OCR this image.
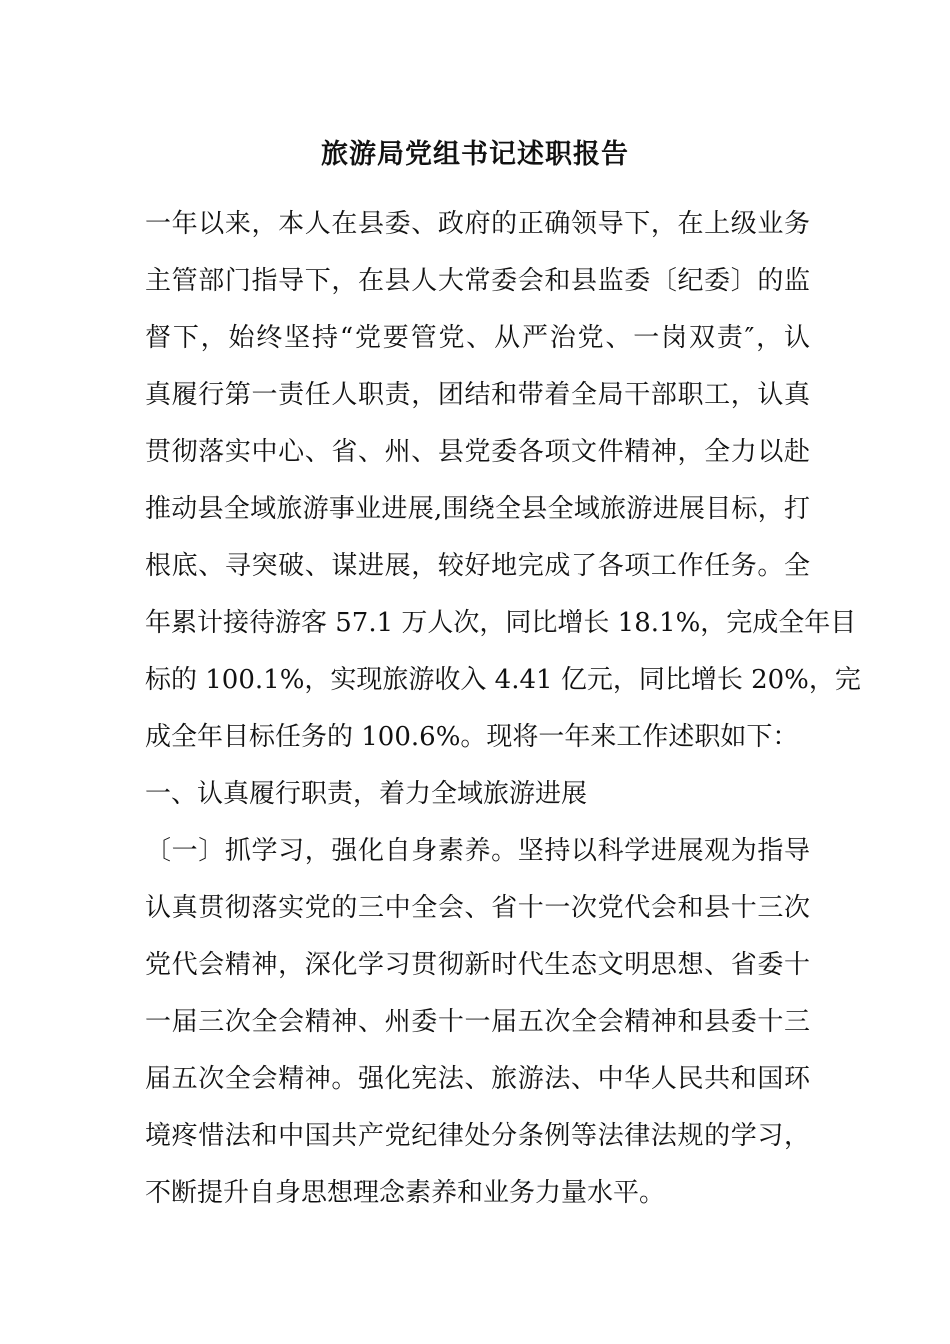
旅游局党组书记述职报告
一年以来，本人在县委、政府的正确领导下，在上级业务
主管部门指导下，在县人大常委会和县监委〔纪委〕的监
督下，始终坚持“党要管党、从严治党、一岗双责″，认
真履行第一责任人职责，团结和带着全局干部职工，认真
贯彻落实中心、省、州、县党委各项文件精神，全力以赴
推动县全域旅游事业进展,围绕全县全域旅游进展目标，打
根底、寻突破、谋进展，较好地完成了各项工作任务。全
年累计接待游客 57.1 万人次，同比增长 18.1%，完成全年目
标的 100.1%，实现旅游收入 4.41 亿元，同比增长 20%，完
成全年目标任务的 100.6%。现将一年来工作述职如下：
一、认真履行职责，着力全域旅游进展
〔一〕抓学习，强化自身素养。坚持以科学进展观为指导
认真贯彻落实党的三中全会、省十一次党代会和县十三次
党代会精神，深化学习贯彻新时代生态文明思想、省委十
一届三次全会精神、州委十一届五次全会精神和县委十三
届五次全会精神。强化宪法、旅游法、中华人民共和国环
境疼惜法和中国共产党纪律处分条例等法律法规的学习，
不断提升自身思想理念素养和业务力量水平。
